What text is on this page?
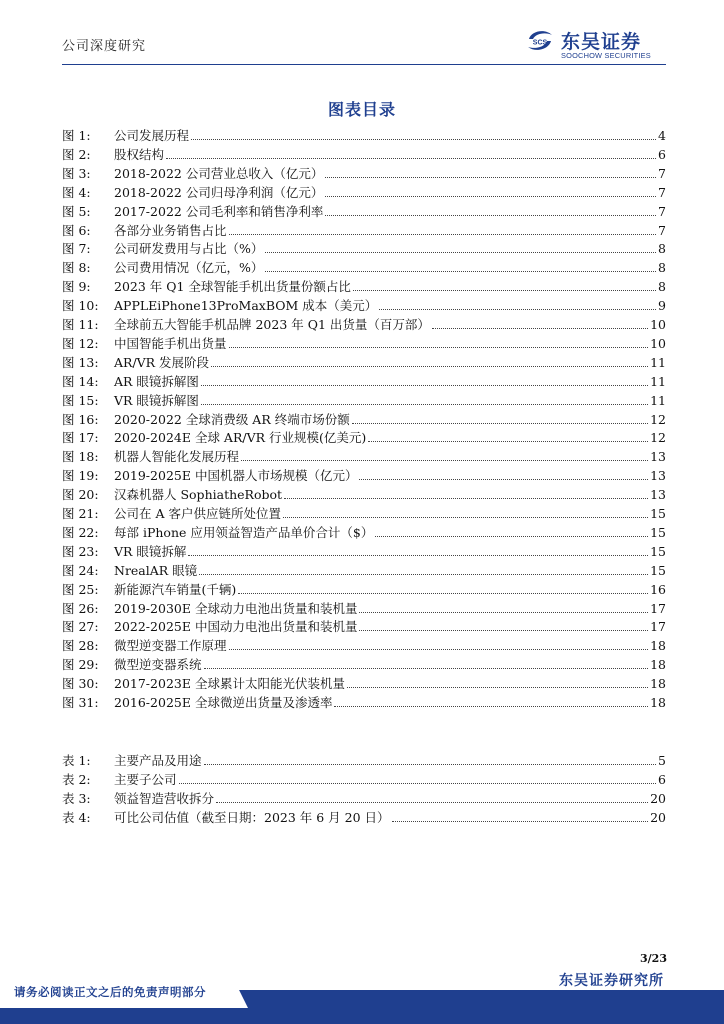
公司深度研究	SCS 东吴证券
SOOCHOW SECURITIES
图表目录
图 1:	公司发展历程	4
图 2:	股权结构	6
图 3:	2018-2022 公司营业总收入（亿元）	7
图 4:	2018-2022 公司归母净利润（亿元）	7
图 5:	2017-2022 公司毛利率和销售净利率	7
图 6:	各部分业务销售占比	7
图 7:	公司研发费用与占比（%）	8
图 8:	公司费用情况（亿元，%）	8
图 9:	2023 年 Q1 全球智能手机出货量份额占比	8
图 10:	APPLEiPhone13ProMaxBOM 成本（美元）	9
图 11:	全球前五大智能手机品牌 2023 年 Q1 出货量（百万部）	10
图 12:	中国智能手机出货量	10
图 13:	AR/VR 发展阶段	11
图 14:	AR 眼镜拆解图	11
图 15:	VR 眼镜拆解图	11
图 16:	2020-2022 全球消费级 AR 终端市场份额	12
图 17:	2020-2024E 全球 AR/VR 行业规模(亿美元)	12
图 18:	机器人智能化发展历程	13
图 19:	2019-2025E 中国机器人市场规模（亿元）	13
图 20:	汉森机器人 SophiatheRobot	13
图 21:	公司在 A 客户供应链所处位置	15
图 22:	每部 iPhone 应用领益智造产品单价合计（$）	15
图 23:	VR 眼镜拆解	15
图 24:	NrealAR 眼镜	15
图 25:	新能源汽车销量(千辆)	16
图 26:	2019-2030E 全球动力电池出货量和装机量	17
图 27:	2022-2025E 中国动力电池出货量和装机量	17
图 28:	微型逆变器工作原理	18
图 29:	微型逆变器系统	18
图 30:	2017-2023E 全球累计太阳能光伏装机量	18
图 31:	2016-2025E 全球微逆出货量及渗透率	18
表 1:	主要产品及用途	5
表 2:	主要子公司	6
表 3:	领益智造营收拆分	20
表 4:	可比公司估值（截至日期：2023 年 6 月 20 日）	20
3/23
东吴证券研究所
请务必阅读正文之后的免责声明部分
